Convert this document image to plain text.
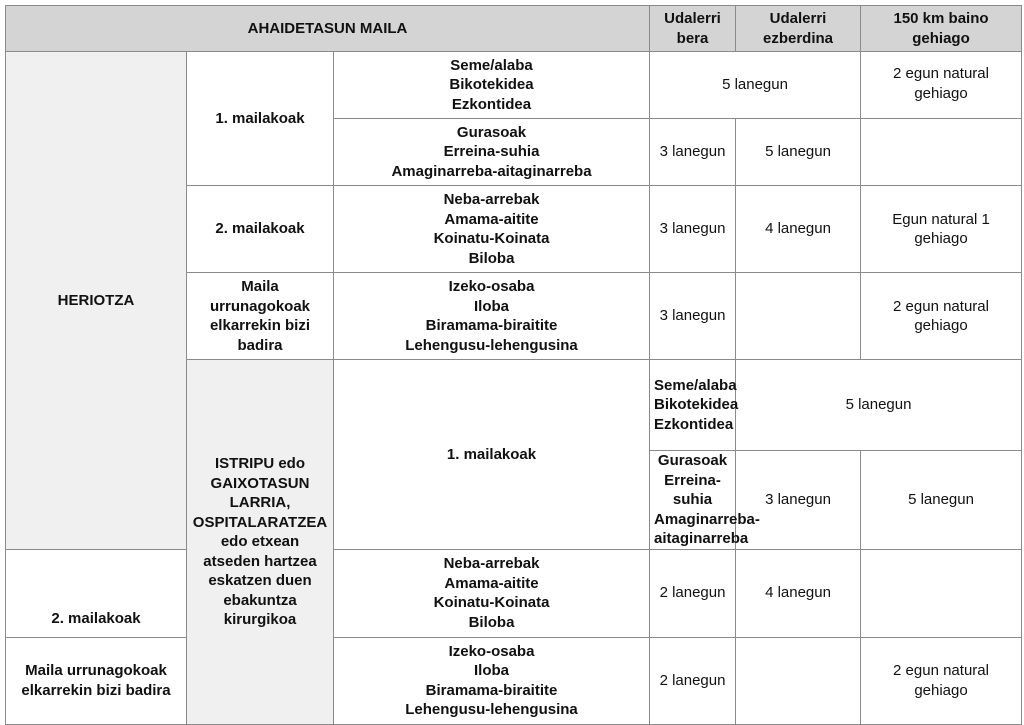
AHAIDETASUN MAILA			Udalerri bera	Udalerri ezberdina	150 km baino gehiago	
HERIOTZA	1. mailakoak	Seme/alaba
Bikotekidea
Ezkontidea	5 lanegun		2 egun natural gehiago	

		Gurasoak
Erreina-suhia
Amaginarreba-aitaginarreba	3 lanegun	5 lanegun		
	2. mailakoak	Neba-arrebak
Amama-aitite
Koinatu-Koinata
Biloba	3 lanegun	4 lanegun	Egun natural 1 gehiago	
	Maila urrunagokoak elkarrekin bizi badira	Izeko-osaba
Iloba
Biramama-biraitite
Lehengusu-lehengusina	3 lanegun		2 egun natural gehiago	
	ISTRIPU edo GAIXOTASUN LARRIA, OSPITALARATZEA edo etxean atseden hartzea eskatzen duen ebakuntza kirurgikoa	1. mailakoak	Seme/alaba
Bikotekidea
Ezkontidea	5 lanegun	

			Gurasoak
Erreina-suhia
Amaginarreba-aitaginarreba	3 lanegun	5 lanegun	
2. mailakoak		Neba-arrebak
Amama-aitite
Koinatu-Koinata
Biloba	2 lanegun	4 lanegun		
Maila urrunagokoak elkarrekin bizi badira		Izeko-osaba
Iloba
Biramama-biraitite
Lehengusu-lehengusina	2 lanegun		2 egun natural gehiago	
